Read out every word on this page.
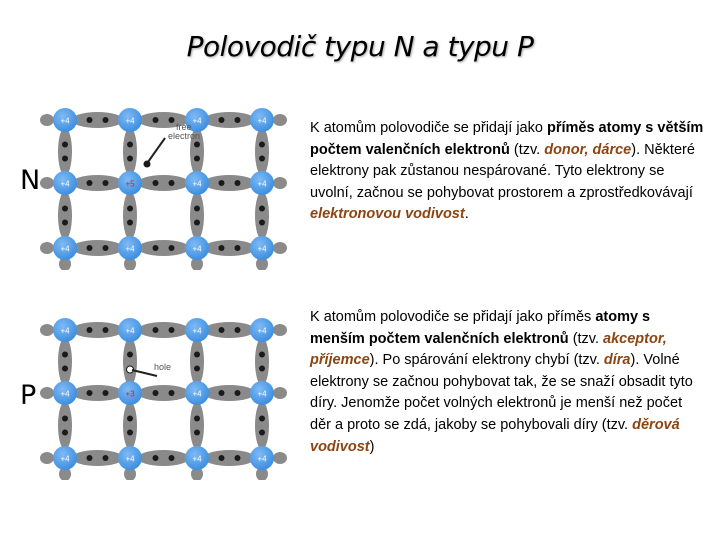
Polovodič typu N a typu P
N
+4	+4	+4	+4
+4	+5	+4	+4
+4	+4	+4	+4
free
electron	K atomům polovodiče se přidají jako příměs atomy s větším počtem valenčních elektronů (tzv. donor, dárce). Některé elektrony pak zůstanou nespárované. Tyto elektrony se uvolní, začnou se pohybovat prostorem a zprostředkovávají elektronovou vodivost.
P
+4	+4	+4	+4
+4	+3	+4	+4
+4	+4	+4	+4
hole
K atomům polovodiče se přidají jako příměs atomy s menším počtem valenčních elektronů (tzv. akceptor, příjemce). Po spárování elektrony chybí (tzv. díra). Volné elektrony se začnou pohybovat tak, že se snaží obsadit tyto díry. Jenomže počet volných elektronů je menší než počet děr a proto se zdá, jakoby se pohybovali díry (tzv. děrová vodivost)
